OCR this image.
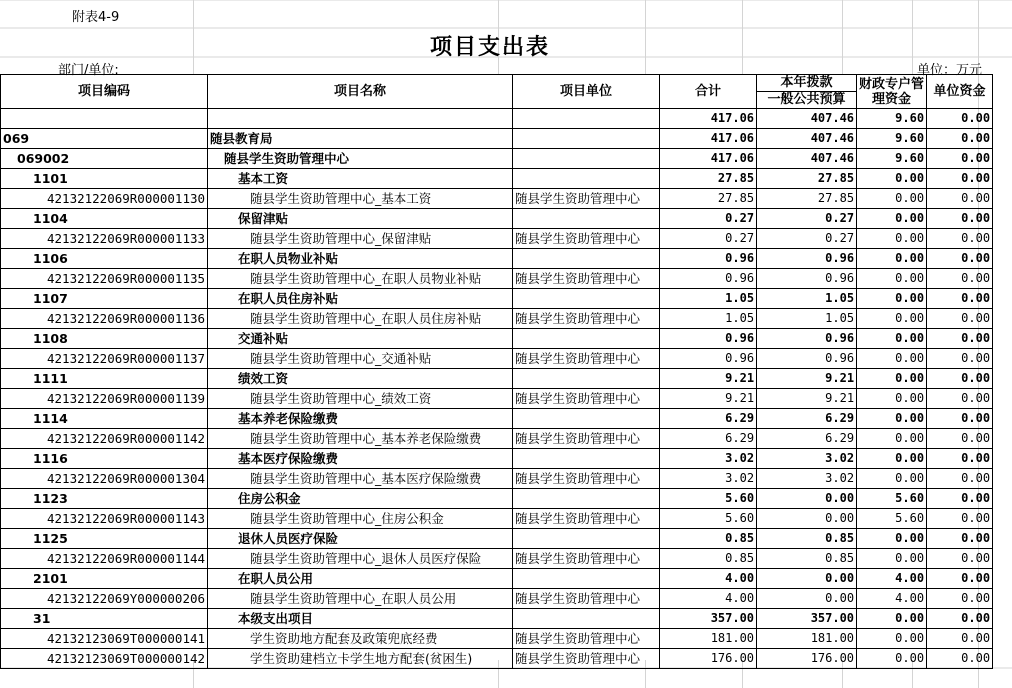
附表4-9
项目支出表
部门/单位:	单位：万元
项目编码	项目名称	项目单位	合计	本年拨款	财政专户管理资金	单位资金
				一般公共预算		
			417.06	407.46	9.60	0.00
069	随县教育局		417.06	407.46	9.60	0.00
069002	随县学生资助管理中心		417.06	407.46	9.60	0.00
1101	基本工资		27.85	27.85	0.00	0.00
42132122069R000001130	随县学生资助管理中心_基本工资	随县学生资助管理中心	27.85	27.85	0.00	0.00
1104	保留津贴		0.27	0.27	0.00	0.00
42132122069R000001133	随县学生资助管理中心_保留津贴	随县学生资助管理中心	0.27	0.27	0.00	0.00
1106	在职人员物业补贴		0.96	0.96	0.00	0.00
42132122069R000001135	随县学生资助管理中心_在职人员物业补贴	随县学生资助管理中心	0.96	0.96	0.00	0.00
1107	在职人员住房补贴		1.05	1.05	0.00	0.00
42132122069R000001136	随县学生资助管理中心_在职人员住房补贴	随县学生资助管理中心	1.05	1.05	0.00	0.00
1108	交通补贴		0.96	0.96	0.00	0.00
42132122069R000001137	随县学生资助管理中心_交通补贴	随县学生资助管理中心	0.96	0.96	0.00	0.00
1111	绩效工资		9.21	9.21	0.00	0.00
42132122069R000001139	随县学生资助管理中心_绩效工资	随县学生资助管理中心	9.21	9.21	0.00	0.00
1114	基本养老保险缴费		6.29	6.29	0.00	0.00
42132122069R000001142	随县学生资助管理中心_基本养老保险缴费	随县学生资助管理中心	6.29	6.29	0.00	0.00
1116	基本医疗保险缴费		3.02	3.02	0.00	0.00
42132122069R000001304	随县学生资助管理中心_基本医疗保险缴费	随县学生资助管理中心	3.02	3.02	0.00	0.00
1123	住房公积金		5.60	0.00	5.60	0.00
42132122069R000001143	随县学生资助管理中心_住房公积金	随县学生资助管理中心	5.60	0.00	5.60	0.00
1125	退休人员医疗保险		0.85	0.85	0.00	0.00
42132122069R000001144	随县学生资助管理中心_退休人员医疗保险	随县学生资助管理中心	0.85	0.85	0.00	0.00
2101	在职人员公用		4.00	0.00	4.00	0.00
42132122069Y000000206	随县学生资助管理中心_在职人员公用	随县学生资助管理中心	4.00	0.00	4.00	0.00
31	本级支出项目		357.00	357.00	0.00	0.00
42132123069T000000141	学生资助地方配套及政策兜底经费	随县学生资助管理中心	181.00	181.00	0.00	0.00
42132123069T000000142	学生资助建档立卡学生地方配套(贫困生)	随县学生资助管理中心	176.00	176.00	0.00	0.00
